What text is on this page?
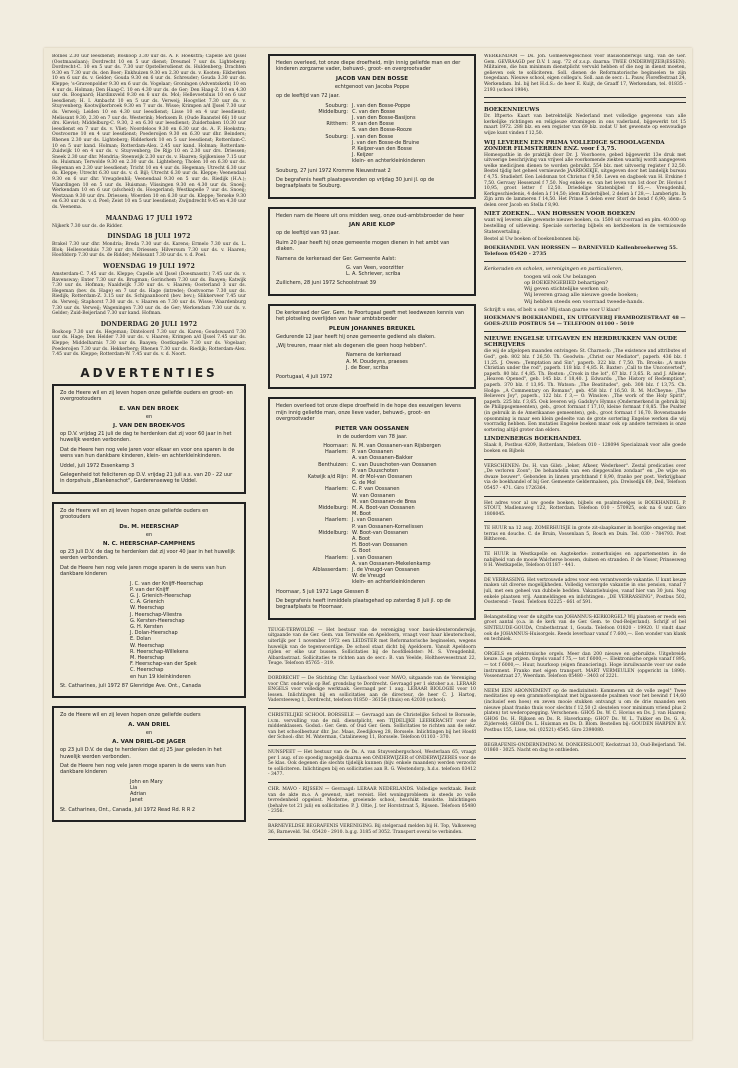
Bolnes 2.30 uur leesdienst; Boskoop 3.30 uur ds. A. F. Hoekstra; Capelle a/d IJssel (Oostmaaslaan); Dordrecht 10 en 5 uur dienst; Dreumel 7 uur ds. Lighteberg; Dordrecht-C. 10 en 5 uur ds. 7.30 uur Opstellersdienst ds. Huldenberg; Drachten 9.30 en 7.30 uur ds. den Boer; Enkhuizen 9.30 en 2.30 uur ds. v. Kooten; Eikberken 10 en 6 uur ds. v. Gelder; Gouda 9.30 en 6 uur ds. Schreuder; Gouda 3.30 uur ds. Kleppe; 's-Gravenpolder 9.30 en 6 uur ds. Vogelaar; Groningen (Adventskerk) 10 en 4 uur ds. Holman; Den Haag-C. 10 en 4.30 uur ds. de Ger; Den Haag-Z. 10 en 4.30 uur ds. Boogaard; Hardinxveld 9.30 en 6 uur ds. Mol; Hellevoetsluis 10 en 6 uur leesdienst; H. I. Ambacht 10 en 5 uur ds. Verweij; Hoogvliet 7.30 uur ds. v. Stuyvenberg; Kootwijkerbroek 9.30 en 7 uur ds. Wisse; Krimpen a/d IJssel 7.30 uur ds. Verweij; Leiden 10 en 4.30 uur leesdienst; Lisse 10 en 4 uur leesdienst; Melissant 9.30, 2.30 en 7 uur ds. Westerink; Merksem B. (Oude Baanstel 66) 10 uur drs. Kievist; Middelburg-C. 9.30, 2 en 6.30 uur leesdienst; Zuiderbaken 10.30 uur leesdienst en 7 uur ds. v. Vliet; Noordeloos 9.30 en 6.30 uur ds. A. F. Hoekstra; Oostvoorne 10 en 4 uur leesdienst; Poederoijen 9.30 en 6.30 uur dhr. Beinders; Rhenen 2.30 uur ds. Lighteberg; Ridderkerk 10 en 5 uur leesdienst; Rotterdam-C. 10 en 5 uur kand. Holman; Rotterdam-Alex. 2.45 uur kand. Holman; Rotterdam-Zuidwijk 10 en 4 uur ds. v. Stuyvenberg; De Rijp 10 en 2.30 uur drs. Driessen; Sneek 2.30 uur dhr. Mondria; Steenwijk 2.30 uur ds. v. Haaren; Spijkenisse 7.15 uur ds. Huisman; Terwolde 9.30 en 2.30 uur ds. Lighteberg; Tholen 10 en 6.30 uur ds. Hegeman en 2.30 uur leesdienst; Tricht 10 en 4 uur ds. Hegeman; Utrecht 6.30 uur ds. Kleppe; Utrecht 6.30 uur ds. v. d. Bijl; Utrecht 6.30 uur ds. Kleppe; Veenendaal 9.30 en 6 uur dhr. Vreugdenhil; Veenendaal 9.30 en 5 uur ds. Riedijk (H.A.); Vlaardingen 10 en 5 uur ds. Huisman; Vlissingen 9.30 en 4.30 uur ds. Snoeij; Werkendam 10 en 6 uur (afscheid) ds. Hoogerland; Westkapelle 7 uur ds. Snoeij; Westzaan 9.30 uur drs. Driessen; Woerden 10 en 6.30 uur ds. Kleppe; Yerseke 9.30 en 6.30 uur ds. v. d. Poel; Zeist 10 en 5 uur leesdienst; Zwijndrecht 9.45 en 4.30 uur ds. Veenema.

MAANDAG 17 JULI 1972

Nijkerk 7.30 uur ds. de Ridder.

DINSDAG 18 JULI 1972

Brakel 7.30 uur dhr. Mondria; Breda 7.30 uur ds. Karens; Ermelo 7.30 uur ds. L. Blok; Hellevoetsluis 7.30 uur drs. Driessen; Hilversum 7.30 uur ds. v. Haaren; Hoofddorp 7.30 uur ds. de Ridder; Melissant 7.30 uur ds. v. d. Poel.

WOENSDAG 19 JULI 1972

Amsterdam-C. 7.45 uur ds. Kleppe; Capelle a/d IJssel (Doesmasstr.) 7.45 uur ds. v. Ravensway; Enter 7.30 uur ds. Brugman; Gorinchem 7.30 uur ds. Baayen; Katwijk 7.30 uur ds. Hofman; Naaldwijk 7.30 uur ds. v. Haaren; Oosterland 3 uur ds. Hegeman (bev. ds. Hage) en 7 uur ds. Hage (intrede); Oostvoorne 7.30 uur ds. Riedijk; Rotterdam-Z. 3.15 uur ds. Schipaanboord (bev. bev.); Slikkerveer 7.45 uur ds. Verweij; Staphorst 7.30 uur ds. v. Haaren en 7.30 uur ds. Wisse; Waardenburg 7.30 uur ds. Verweij; Wageningen 7.30 uur ds. de Ger; Werkendam 7.30 uur ds. v. Gelder; Zuid-Beijerland 7.30 uur kand. Hofman.

DONDERDAG 20 JULI 1972

Boskoop 7.30 uur ds. Hegeman; Dinteloord 7.30 uur ds. Karen; Goudswaard 7.30 uur ds. Hage; Den Helder 7.30 uur ds. v. Haaren; Krimpen a/d IJssel 7.45 uur ds. Kleppe; Middelharnis 7.30 uur ds. Baayen; Oostkapelle 7.30 uur ds. Vogelaar; Poederoijen 7.30 uur ds. Hekkerberg; Rhenen 7.30 uur ds. Riedijk; Rotterdam-Alex. 7.45 uur ds. Kleppe; Rotterdam-W. 7.45 uur ds. v. d. Noort.

ADVERTENTIES

Zo de Heere wil en zij leven hopen onze geliefde ouders en groot- en overgrootouders

E. VAN DEN BROEK
en
J. VAN DEN BROEK-VOS

op D.V. vrijdag 21 juli de dag te herdenken dat zij voor 60 jaar in het huwelijk werden verbonden.

Dat de Heere hen nog vele jaren voor elkaar en voor ons sparen is de wens van hun dankbare kinderen, klein- en achterkleinkinderen.

Uddel, juli 1972 Essenkamp 3

Gelegenheid tot feliciteren op D.V. vrijdag 21 juli a.s. van 20 - 22 uur in dorpshuis „Blankenschot", Garderenseweg te Uddel.

Zo de Heere wil en zij leven hopen onze geliefde ouders en grootouders

Ds. M. HEERSCHAP
en
N. C. HEERSCHAP-CAMPHENS

op 23 juli D.V. de dag te herdenken dat zij voor 40 jaar in het huwelijk werden verbonden.

Dat de Heere hen nog vele jaren moge sparen is de wens van hun dankbare kinderen

J. C. van der Knijff-Heerschap
P. van der Knijff
G. J. Grienich-Heerschap
C. A. Grienich
W. Heerschap
J. Heerschap-Vliestra
G. Kersten-Heerschap
G. H. Kersten
J. Dolan-Heerschap
E. Dolan
W. Heerschap
R. Heerschap-Willekens
M. Heerschap
F. Heerschap-van der Spek
C. Heerschap
en hun 19 kleinkinderen

St. Catharines, juli 1972 87 Glenridge Ave. Ont., Canada

Zo de Heere wil en zij leven hopen onze geliefde ouders

A. VAN DRIEL
en
A. VAN DRIEL-DE JAGER

op 23 juli D.V. de dag te herdenken dat zij 25 jaar geleden in het huwelijk werden verbonden.

Dat de Heere hen nog vele jaren moge sparen is de wens van hun dankbare kinderen

John en Mary
Lia
Adrian
Janet

St. Catharines, Ont., Canada, juli 1972 Read Rd. R R 2

Heden overleed, tot onze diepe droefheid, mijn innig geliefde man en der kinderen zorgzame vader, behuwd-, groot- en overgrootvader

JACOB VAN DEN BOSSE
echtgenoot van Jacoba Poppe

op de leeftijd van 72 jaar.

Souburg: J. van den Bosse-Poppe
Middelburg: C. van den Bosse
J. van den Bosse-Basijons
Ritthem: P. van den Bosse
S. van den Bosse-Rooze
Souburg: J. van den Bosse
J. van den Bosse-de Bruine
P. Keijzer-van den Bosse
J. Keijzer
klein- en achterkleinkinderen

Souburg, 27 juni 1972 Kromme Nieuwstraat 2

De begrafenis heeft plaatsgevonden op vrijdag 30 juni jl. op de begraafplaats te Souburg.

Heden nam de Heere uit ons midden weg, onze oud-ambtsbroeder de heer

JAN ARIE KLOP

op de leeftijd van 93 jaar.

Ruim 20 jaar heeft hij onze gemeente mogen dienen in het ambt van diaken.

Namens de kerkeraad der Ger. Gemeente Aalst:

G. van Veen, voorzitter
L. A. Schriever, scriba

Zuilichem, 28 juni 1972 Schoolstraat 39

De kerkeraad der Ger. Gem. te Poortugaal geeft met leedwezen kennis van het plotseling overlijden van haar ambtsbroeder

PLEUN JOHANNES BREUKEL

Gedurende 12 jaar heeft hij onze gemeente gediend als diaken.

„Wij treuren, maar niet als degenen die geen hoop hebben".

Namens de kerkeraad
A. M. Doudeyns, praeses
J. de Boer, scriba

Poortugaal, 4 juli 1972

Heden overleed tot onze diepe droefheid in de hope des eeuwigen levens mijn innig geliefde man, onze lieve vader, behuwd-, groot- en overgrootvader

PIETER VAN OOSSANEN

in de ouderdom van 78 jaar.

Hoornaar: N. M. van Oossanen-van Rijsbergen
Haarlem: P. van Oossanen
A. van Oossanen-Bakker
Benthuizen: C. van Duuschoten-van Oossanen
P. van Duuschoten
Katwijk a/d Rijn: M. dr Mol-van Oossanen
G. de Mol
Haarlem: C. P. van Oossanen
W. van Oossanen
M. van Oossanen-de Brea
Middelburg: M. A. Boot-van Oossanen
M. Boot
Haarlem: J. van Oossanen
P. van Oossanen-Kornelissen
Middelburg: W. Boot-van Oossanen
A. Boot
H. Boot-van Oossanen
G. Boot
Haarlem: J. van Oossanen
A. van Oossanen-Mekelenkamp
Alblasserdam: J. de Vreugd-van Oossanen
W. de Vreugd
klein- en achterkleinkinderen

Hoornaar, 5 juli 1972 Lage Giessen 8

De begrafenis heeft inmiddels plaatsgehad op zaterdag 8 juli jl. op de begraafplaats te Hoornaar.

TEUGE-TERWOLDE — Het bestuur van de vereniging voor basis-kleuteronderwijs, uitgaande van de Ger. Gem. van Terwolde en Apeldoorn, vraagt voor haar kleuterschool, uiterlijk per 1 november 1972 een LEIDSTER met Reformatorische beginselen, wegens huwelijk van de tegenwoordige. De school staat dicht bij Apeldoorn. Vanuit Apeldoorn rijden er elke uur bussen. Sollicitaties bij de hoofdleidster: M. S. Vreugdenhil, Albardastraat. Sollicitaties te richten aan de secr.: B. van Veelde, Holthoevesestraat 22, Teuge. Telefoon 05765 - 319.

DORDRECHT — De Stichting Chr. Lydiaschool voor MAVO, uitgaande van de Vereniging voor Chr. onderwijs op Ref. grondslag te Dordrecht. Gevraagd per 1 oktober a.s. LERAAR ENGELS voor volledige werktaak. Gevraagd per 1 aug. LERAAR BIOLOGIE voor 10 lessen. Inlichtingen bij en sollicitaties aan de directeur, de heer C. J. Hartog, Vadersteeweg 1, Dordrecht, telefoon 01850 - 36156 (thuis) en 42030 (school).

CHRISTELIJKE SCHOOL BORSSELE — Gevraagd aan de Christelijke School te Borssele, i.v.m. vervulling van de mil. dienstplicht, een TIJDELIJKE LEERKRACHT voor de middenklassen. Godsd.: Ger. Gem. of Oud Ger. Gem. Sollicitaties te richten aan de sekr. van het schoolbestuur dhr. Jac. Maas, Zeedijkweg 28, Borssele. Inlichtingen bij het Hoofd der School: dhr. M. Waterman, Catalineweg 11, Borssele. Telefoon 01103 - 370.

NUNSPEET — Het bestuur van de Ds. A. van Stuyvenbergschool, Westerlaan 65, vraagt per 1 aug. of zo spoedig mogelijk daarna een ONDERWIJZER of ONDERWIJZERES voor de 5e klas. Ook degenen die slechts tijdelijk kunnen (bijv. enkele maanden) werden verzocht te solliciteren. Inlichtingen bij en sollicitaties aan R. G. Westendorp, h.d.s. telefoon 03412 - 3477.

CHR. MAVO - RIJSSEN — Gevraagd: LERAAR NEDERLANDS. Volledige werktaak. Bezit van de akte m.o. A gewenst, niet vereist. Het woningprobleem is steeds zo volle tevredenheid opgelost. Moderne, groeiende school, beschikt tenslotte. Inlichtingen (behalve tot 21 juli) en sollicitaties: P. J. Oltie, J. ter Horststraat 5, Rijssen. Telefoon 05480 - 2356.

BARNEVELDSE BEGRAFENIS VERENIGING. Bij stelgeraad melden bij H. Top, Valkseweg 36, Barneveld. Tel. 05420 - 2910. b.g.g. 3185 of 3052. Transport overal te verbinden.

WERKENDAM — Ds. Joh. Gomeewegeschool voor Basisonderwijs uitg. van de Ger. Gem. GEVRAAGD per D.V. 1 aug. '72 of z.s.p. daarna: TWEE ONDERWIJZER(ESSEN). Militairen, die hun minimum dienstplicht vervuld hebben of die nog in dienst moeten, gelieven ook te solliciteren. Soll. dienen de Reformatorische beginselen te zijn toegedaan. Nieuwe school, eigen collega's. Soll. aan de secr.: L. Pauw, Floreffestraat 24, Werkendam. Inl. bij het H.d.S.: de heer E. Kuijt, de Graaff 17, Werkendam, tel. 01835 - 2193 (school 1984).

BOEKENNIEUWS

Dr. Iftperto: Kaart van betrektelijk Nederland met volledige gegevens van alle kerkelijke richtingen en religieuze stromingen in ons vaderland, bijgewerkt tot 15 maart 1972. 288 blz. en een register van 69 blz. zodat U het gewenste op eenvoudige wijze kunt vinden f 12,50.

WIJ LEVEREN EEN PRIMA VOLLEDIGE SCHOOLAGENDA ZONDER FILMSTERREN ENZ. voor f 3,75.

Homeopathie in de praktijk door Dr. J. Voorhoeve, gebed bijgewerkt 13e druk met uitvoerige beschrijving van vrijwel alle voorkomende ziekten waarbij wordt aangegeven welke medicijnen dienen te worden gebruikt. 554 blz. met uitvoerig register f 32,50. Bestel tijdig het geheel vernieuwde JAARBOEKJE, uitgegeven door het landelijk bureau f 4,75. Studiebrf. Een Leidsman tot Christus f 9,50. Leven en dagboek van H. Erskine f 7,50. Gervasy Hessenzel f 7,50. Nog enkele ex. van het leven van 1st door Dr. Hovius f 10,95, groot letter f 12,50. Driedelige Statenbijbel f 85,—. Vreugdenhil, Kerkgeschiedenis, 4 delen à f 14,50; idem Kinderbijbel, 2 delen à f 28,—. Lamberigts. In Zijn arm de lammeren f 14,50. Het Prinse 5 delen ever Storf de bond f 6,90; idem: 5 delen over Jacob en Stella f 8,90.

NIET ZOEKEN... VAN HORSSEN VOOR BOEKEN

want wij leveren alle gewenste nieuwe boeken, ca. 1500 uit voorraad en plm. 40.000 op bestelling of uitleveing. Speciale sortering bijbels en kerkboeken in de vermiouwde Statenvertaling.

Bestel al Uw boeken of boekenbonnen bij:

BOEKHANDEL VAN HORSSEN — BARNEVELD Kallenbroekerweg 55. Telefoon 05420 - 2735
Kerkeraden en scholen, verenigingen en particulieren,
toogen wil ook Uw belangen
op BOEKENGEBIED behartigen?
Wij geven stichtelijke werken uit;
Wij leveren graag alle nieuwe goede boeken;
Wij hebben steeds een voorraad tweede-hands.

Schrijft u ons, of belt u ons? Wij staan gaarne voor U klaar!

HOEKMAN'S BOEKHANDEL, EN UITGEVERIJ FRAMBOZESTRAAT 48 — GOES-ZUID POSTBUS 54 — TELEFOON 01100 - 5019
NIEUWE ENGELSE UITGAVEN EN HERDRUKKEN VAN OUDE SCHRIJVERS

die wij de afgelopen maanden ontvingen: St. Charnock: „The existence and attributes of God", geb. 802 blz. f 26,50. Th. Goodwin: „Christ our Mediator", paperb. 436 blz. f 11,25. J. Owen: „Temptation and Sin", paperb. 322 blz. f 7,50. Th. Brooks: „A mute Christian under the rod", paperb. 118 blz. f 4,85. R. Baxter: „Call to the Unconverted", paperb. 80 blz. f 4,85. Th. Boston: „Crook in the lot", 67 blz. f 3,65. R. and J. Alleine: „Heaven Opened", geb. 145 blz. f 18,40. J. Edwards: „The History of Redemption", paperb. 370 blz. f 13,95. Th. Watson: „The Beatitudes", geb. 308 blz. f 13,75. Ch. Hodge: „A Commentary on Romans", geb. 458 blz. f 16,50. R. M. McCheyne: „The Believers Joy", paperb., 122 blz. f 3,— O. Winslow: „The work of the Holy Spirit", paperb. 225 blz. f 3,65. Ook leveren wij: Gadsby's Hymns (Ondermerkend in gebruik bij de Philippsgemeenten), geb., groot formaat f 17,10, kleine formaat f 8,85. The Psalter (in gebruik in de Amerikaanse gemeenten), geb., groot formaat f 16,70. Bovenstaande opsomming is maar een klein gedeelte van de grote sortering Engelse werken die wij voorradig hebben. Een mutaties Engelse boeken maar ook op andere terreinen is onze sortering altijd groter dan elders.

LINDENBERGS BOEKHANDEL

Slaak 8, Postbus 4209, Rotterdam, Telefoon 010 - 128094 Specialzaak voor alle goede boeken en Bijbels

VERSCHENEN: Ds. H. van Gilst: „Ieker, Afkeer, Wederkeer". Zestal predicaties over „De verloren Zoon"; De behandelin van een diepgevallen zondaar" en „De wijze en dwaze bouwer". Gebonden in linnen prachtband f 8,90, franko per post. Verkrijgbaar via de boekhandel of bij Ger. Gemeente Geldermalsen, p/a. Drelsedijk 69, Deil, Telefoon 05457 - 471. Giro 1726364.

Het adres voor al uw goede boeken, bijbels en psalmboekjes is BOEKHANDEL P. STOUT, Madlenaweg 122, Rotterdam. Telefoon 010 - 570925, ook na 6 uur. Giro 1808045.

TE HUUR na 12 aug. ZOMERHUISJE in grote zit-slaapkamer in bosrijke omgeving met terras en douche. C. de Bruin, Vossenlaan 5, Bosch en Duin. Tel. 030 - 784793. Post Bilthoven.

TE HUUR in Westkapelle en Aagtekerke: zomerhuisjes en appartementen in de nabijheid van de mooie Walcherse bossen, duinen en stranden. P. de Visser, Prinsesweg 8 H. Westkapelle, Telefoon 01187 - 441.

DE VERRASSING. Het vertrouwde adres voor een verantwoorde vakantie. U kunt keuze maken uit diverse mogelijkheden. Volledig verzorgde vakantie in ons pension, vanaf 7 juli, met een geheel van dubbele bedden. Vakantiehuisjes, vanaf hier van 30 juni. Nog enkele plaatsen vrij. Aanmeldingen en inlichtingen: „DE VERRASSING", Postbus 502, Oosterend - Texel. Telefoon 02225 - 661 of 591.

Belangstelling voor de uitgifte van JOHANNUS-KERKORGEL? Wij plaatsen er reeds een groot aantal (o.a. in de kerk van de Ger. Gem. te Oud-Beijerland). Schrijf of bel SINTELUDE-GOUDA, Crabethstraat 1, Gouda. Telefoon 01820 - 19920. U vindt daar ook de JOHANNUS-Huisorgels. Reeds leverbaar vanaf f 7.600,—. Een wonder van klank en techniek.

ORGELS en elektronische orgels. Meer dan 200 nieuwe en gebruikte. Uitgebreide keuze. Lage prijzen. Orgels vanaf f 75,— tot f 6000,—. Elektronische orgels vanaf f 895,— tot f 6000,—. Huur, huurkoop (eigen financiering). Hoge inruilwaarde voor uw oude instrument. Franko met eigen transport. MART VERMEULEN (opgericht in 1890). Vossenstraat 27, Weerdam. Telefoon 05480 - 3403 of 2221.

NEEM EEN ABONNEMENT op de mediziniteit: Kommeren uit de volle zegel" Twee meditaties op een grammofoonplaat met bijpassende psalmen voor het bewind f 14,60 (inclusief een hoes) en zeven mooie stukken ontvangt u om de drie maanden een nieuwe plaat franko thuis voor slechts f 12,50 (2 sleutelen voor minimum vriend plus 2 platen) tot wederopzegging. Verschenen: GHO5 Ds. W. C. Hovius en Ds. J. van Haaren; GHO6 Ds. H. Rijksen en Ds. R. Haverkamp; GHO7 Ds. W. L. Tukker en Ds. G. A. Zijderveld; GHO8 Ds. L. Huisman en Ds. D. Blom. Bestellen bij: GOUDEN HARPEN B.V. Postbus 155, Lisse, tel. (02521) 4545. Giro 2398080.

BEGRAFENIS-ONDERNEMING M. DONKERSLOOT, Keckstraat 33, Oud-Beijerland. Tel. 01860 - 3025. Nacht en dag te ontbieden.
